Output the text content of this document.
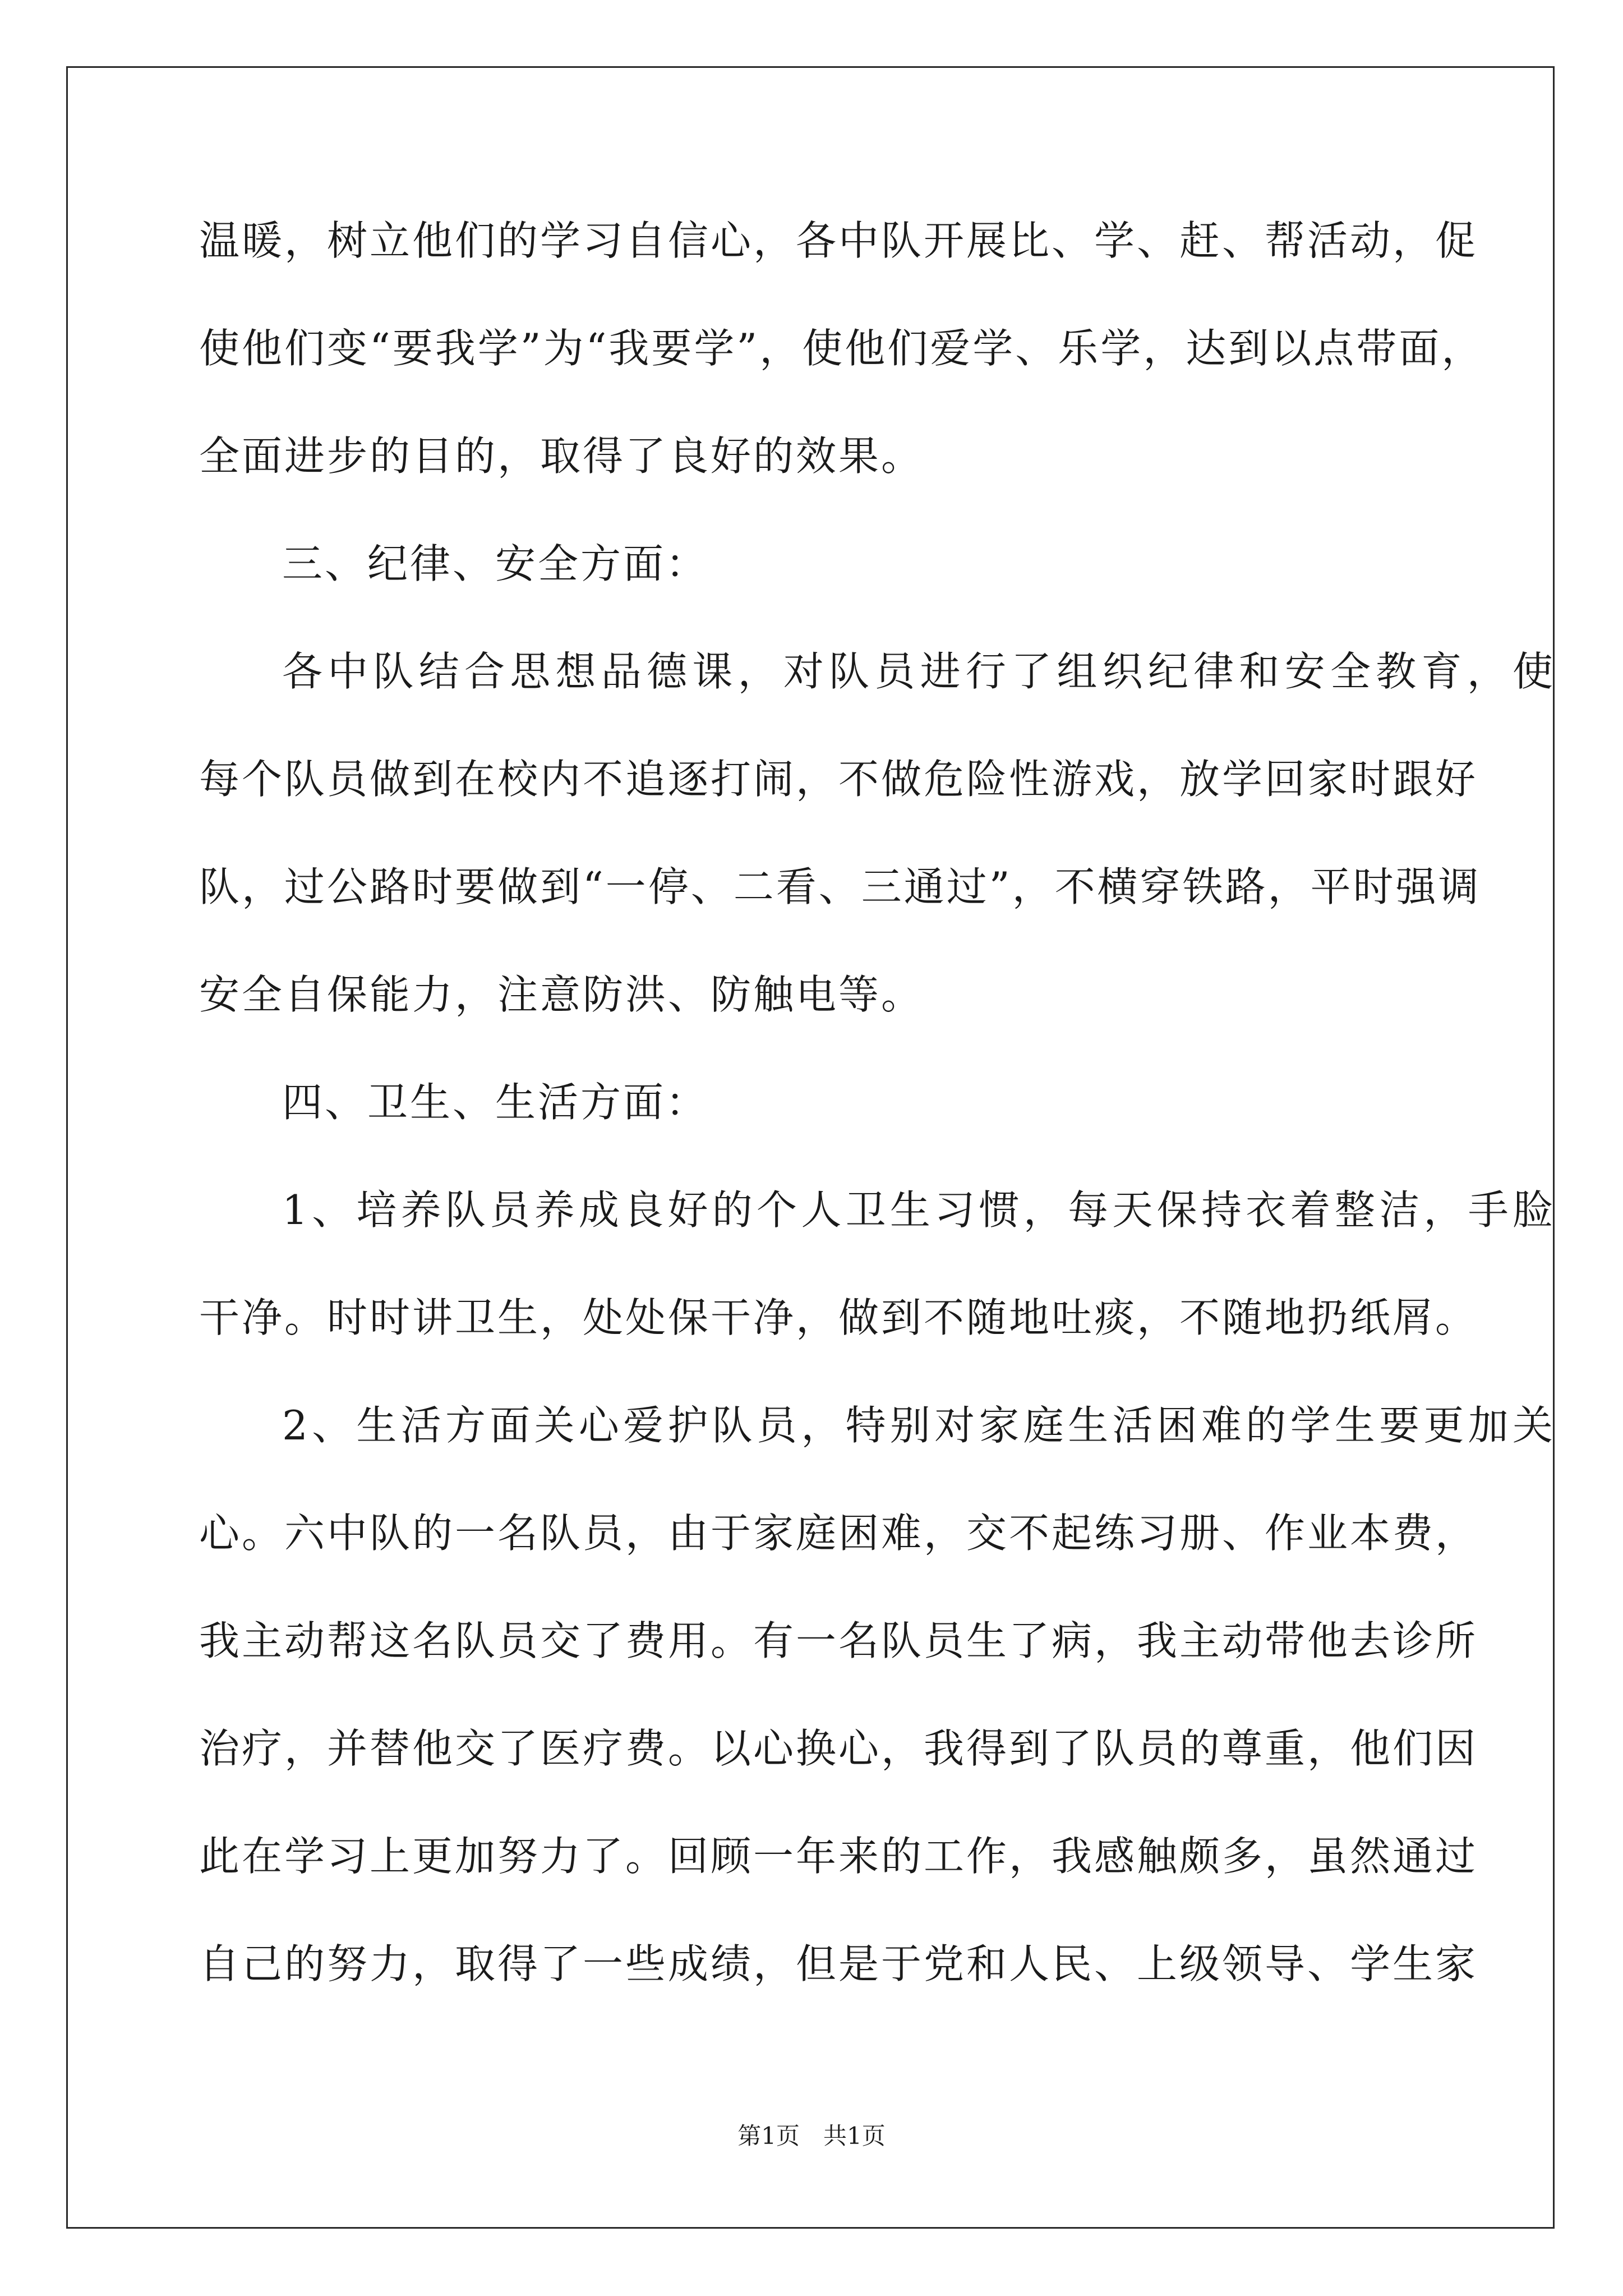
温暖，树立他们的学习自信心，各中队开展比、学、赶、帮活动，促
使他们变“要我学”为“我要学”，使他们爱学、乐学，达到以点带面，
全面进步的目的，取得了良好的效果。
三、纪律、安全方面：
各中队结合思想品德课，对队员进行了组织纪律和安全教育，使
每个队员做到在校内不追逐打闹，不做危险性游戏，放学回家时跟好
队，过公路时要做到“一停、二看、三通过”，不横穿铁路，平时强调
安全自保能力，注意防洪、防触电等。
四、卫生、生活方面：
1、培养队员养成良好的个人卫生习惯，每天保持衣着整洁，手脸
干净。时时讲卫生，处处保干净，做到不随地吐痰，不随地扔纸屑。
2、生活方面关心爱护队员，特别对家庭生活困难的学生要更加关
心。六中队的一名队员，由于家庭困难，交不起练习册、作业本费，
我主动帮这名队员交了费用。有一名队员生了病，我主动带他去诊所
治疗，并替他交了医疗费。以心换心，我得到了队员的尊重，他们因
此在学习上更加努力了。回顾一年来的工作，我感触颇多，虽然通过
自己的努力，取得了一些成绩，但是于党和人民、上级领导、学生家
第1页　共1页
